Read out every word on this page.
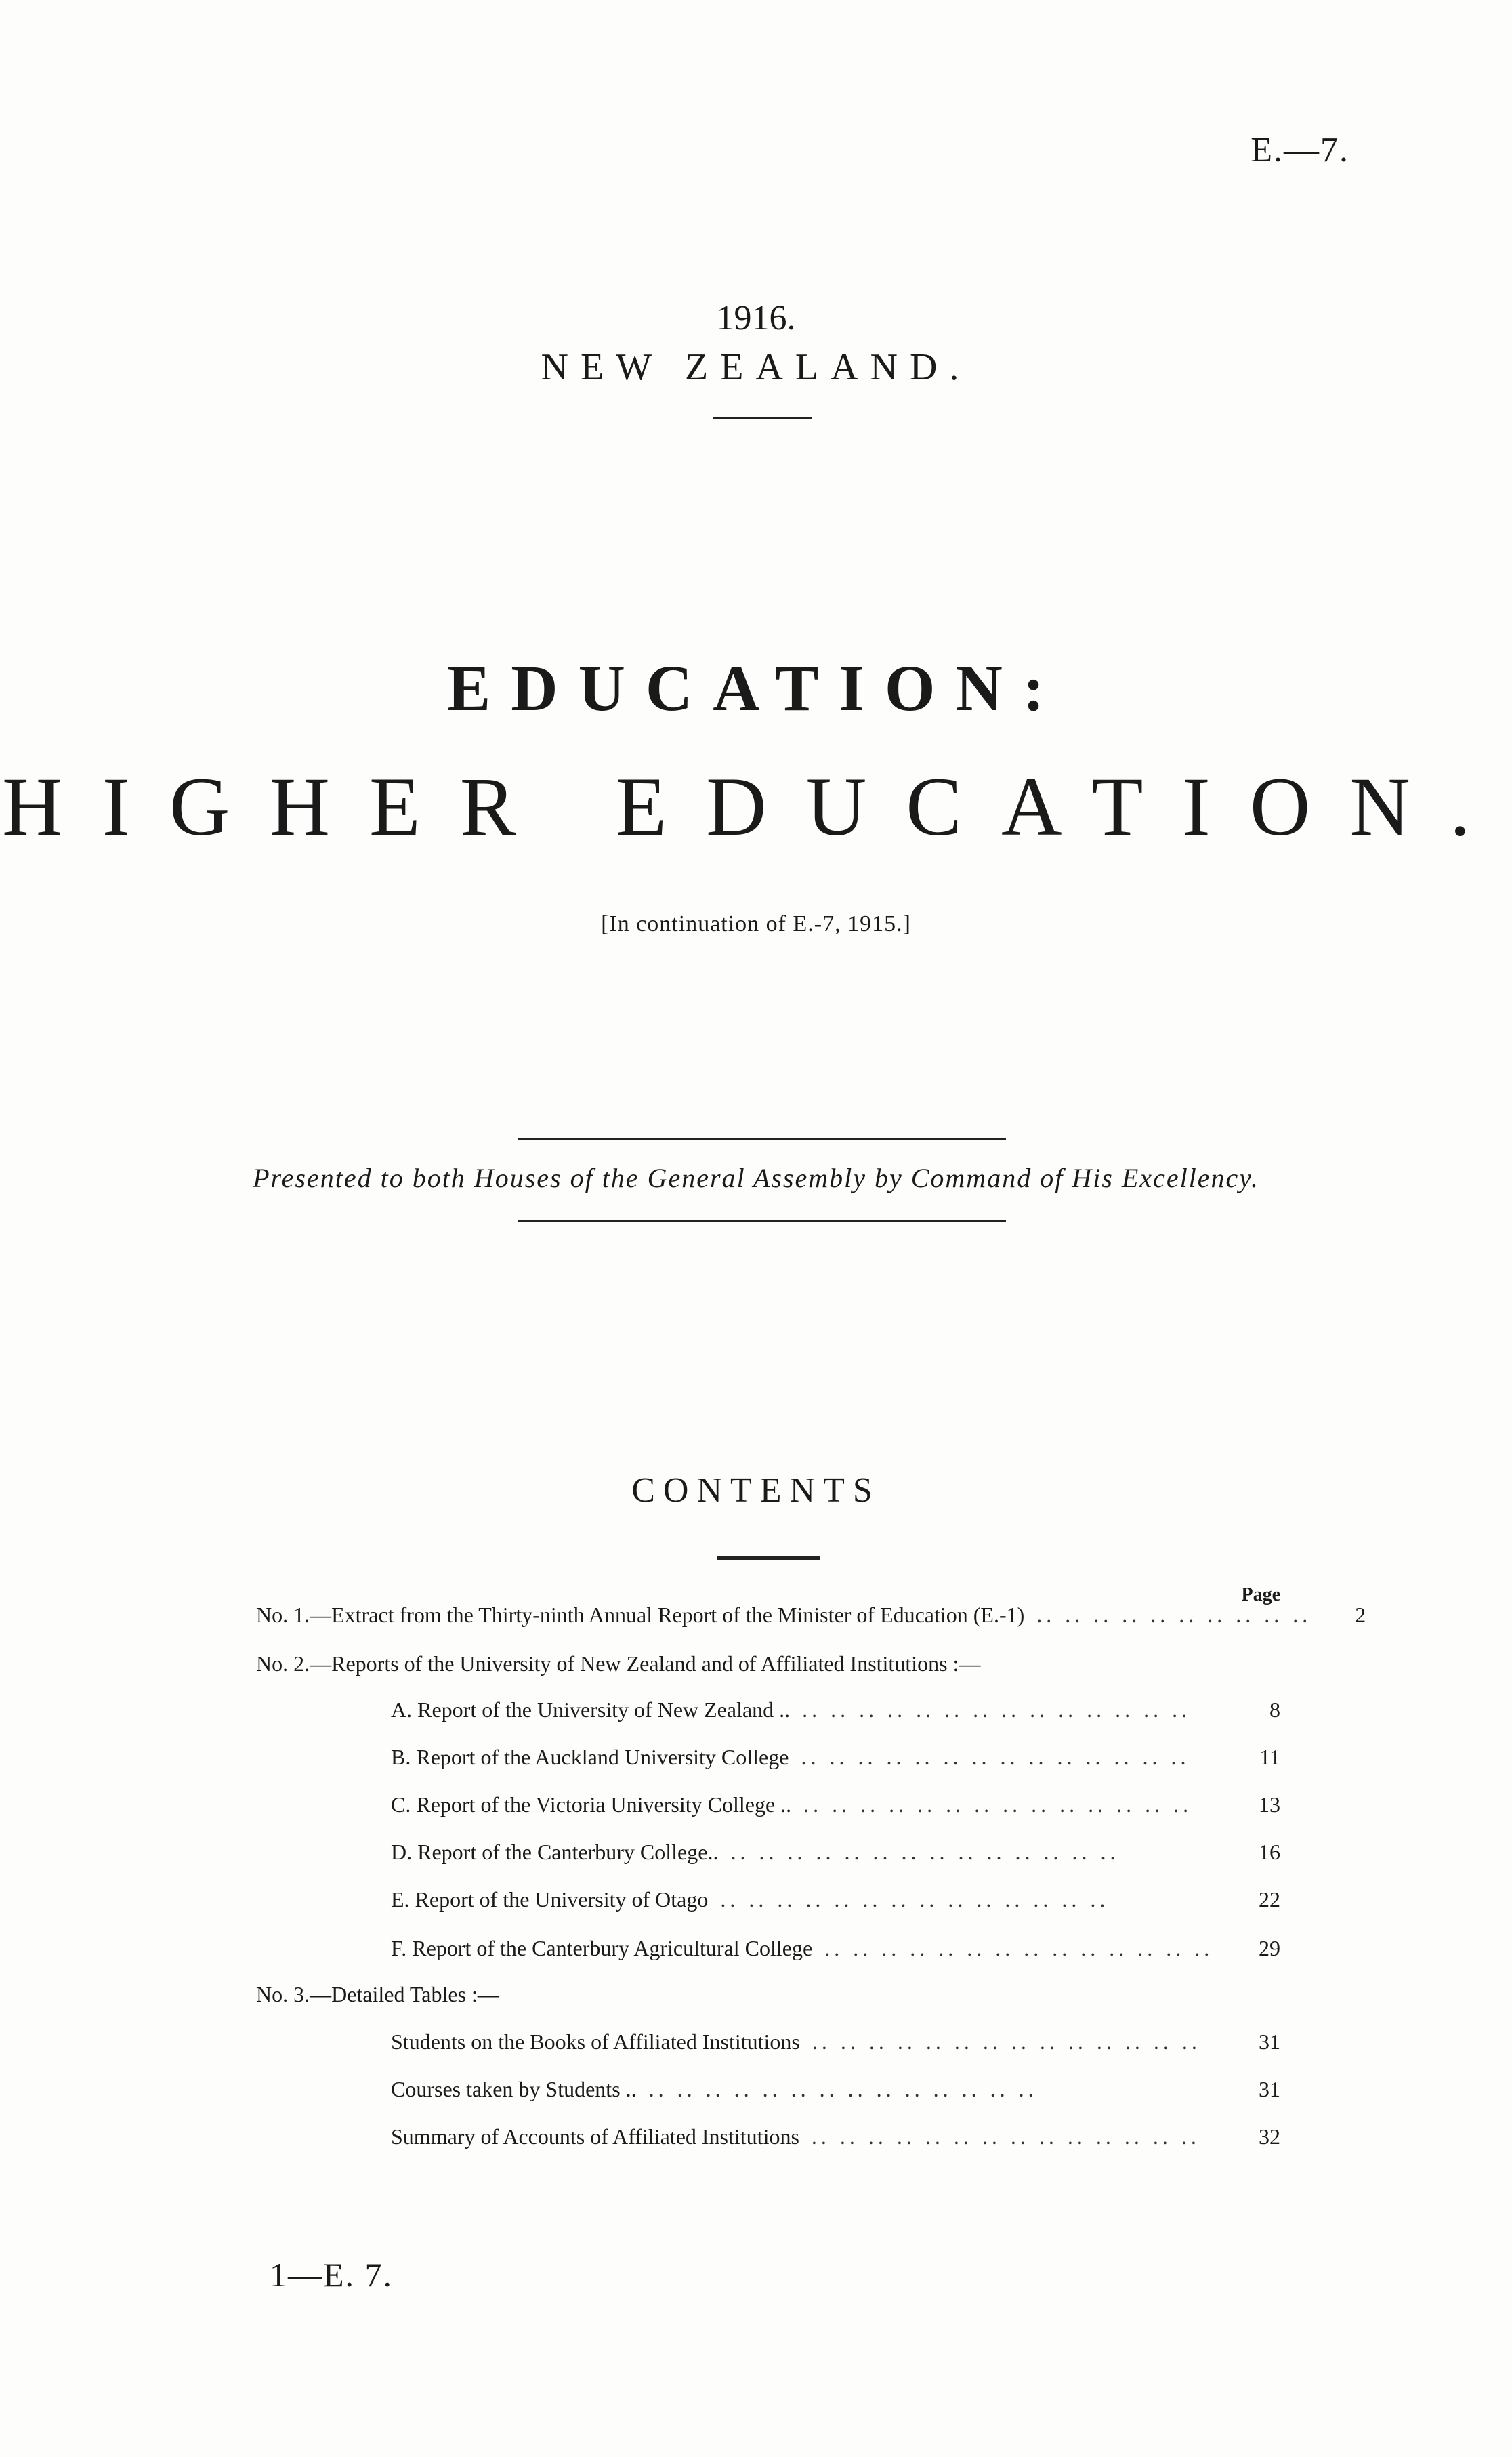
E.—7.
1916.
NEW ZEALAND.
EDUCATION:
HIGHER EDUCATION.
[In continuation of E.-7, 1915.]
Presented to both Houses of the General Assembly by Command of His Excellency.
CONTENTS
Page
No. 1.—Extract from the Thirty-ninth Annual Report of the Minister of Education (E.-1) .. .. .. .. .. .. .. .. .. ..	2
No. 2.—Reports of the University of New Zealand and of Affiliated Institutions :—
A. Report of the University of New Zealand .. .. .. .. .. .. .. .. .. .. .. .. .. .. ..	8
B. Report of the Auckland University College .. .. .. .. .. .. .. .. .. .. .. .. .. ..	11
C. Report of the Victoria University College .. .. .. .. .. .. .. .. .. .. .. .. .. .. ..	13
D. Report of the Canterbury College.. .. .. .. .. .. .. .. .. .. .. .. .. .. ..	16
E. Report of the University of Otago .. .. .. .. .. .. .. .. .. .. .. .. .. ..	22
F. Report of the Canterbury Agricultural College .. .. .. .. .. .. .. .. .. .. .. .. .. ..	29
No. 3.—Detailed Tables :—
Students on the Books of Affiliated Institutions .. .. .. .. .. .. .. .. .. .. .. .. .. ..	31
Courses taken by Students .. .. .. .. .. .. .. .. .. .. .. .. .. .. ..	31
Summary of Accounts of Affiliated Institutions .. .. .. .. .. .. .. .. .. .. .. .. .. ..	32
1—E. 7.
